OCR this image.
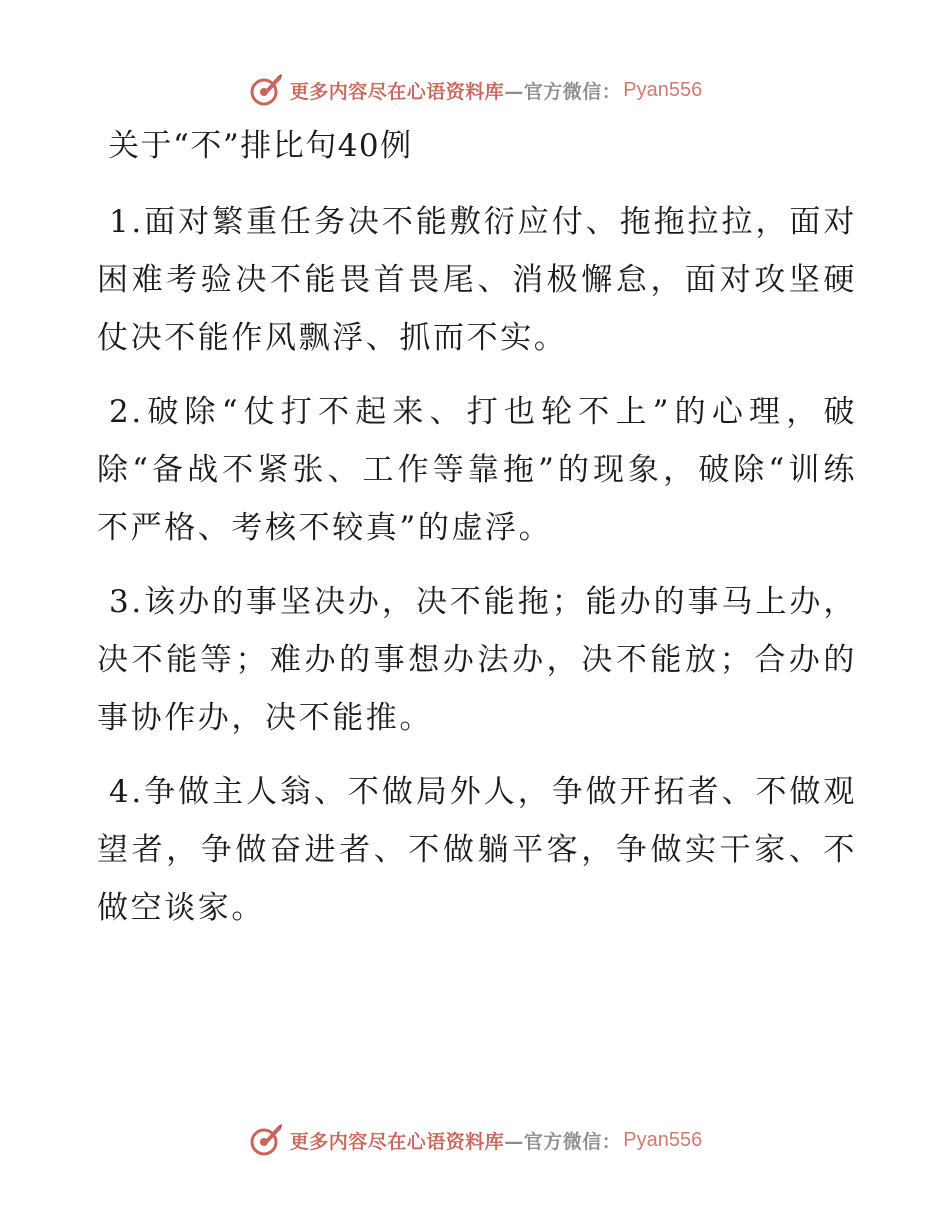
更多内容尽在心语资料库 —官方微信： Pyan556
关于“不”排比句40例

1.面对繁重任务决不能敷衍应付、拖拖拉拉，面对困难考验决不能畏首畏尾、消极懈怠，面对攻坚硬仗决不能作风飘浮、抓而不实。

2.破除“仗打不起来、打也轮不上”的心理，破除“备战不紧张、工作等靠拖”的现象，破除“训练不严格、考核不较真”的虚浮。

3.该办的事坚决办，决不能拖；能办的事马上办，决不能等；难办的事想办法办，决不能放；合办的事协作办，决不能推。

4.争做主人翁、不做局外人，争做开拓者、不做观望者，争做奋进者、不做躺平客，争做实干家、不做空谈家。

更多内容尽在心语资料库 —官方微信： Pyan556
